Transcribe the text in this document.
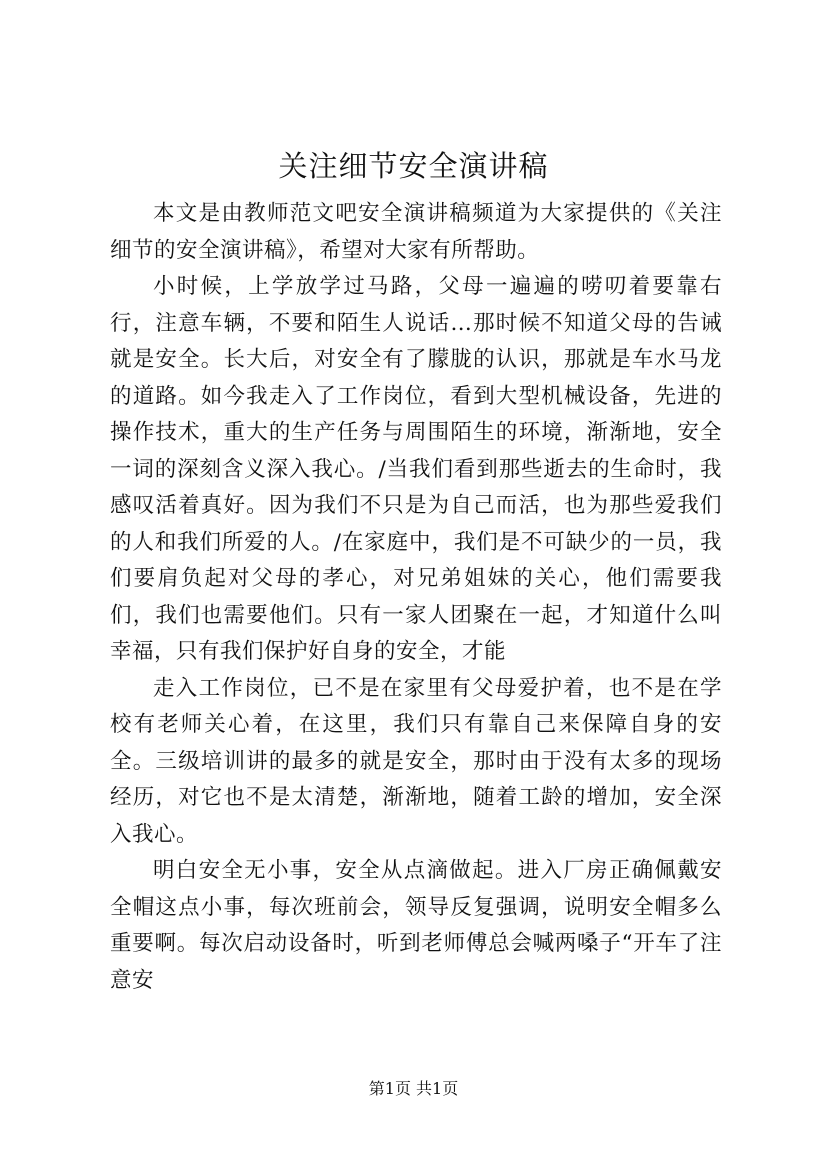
关注细节安全演讲稿

本文是由教师范文吧安全演讲稿频道为大家提供的《关注细节的安全演讲稿》，希望对大家有所帮助。

小时候，上学放学过马路，父母一遍遍的唠叨着要靠右行，注意车辆，不要和陌生人说话…那时候不知道父母的告诫就是安全。长大后，对安全有了朦胧的认识，那就是车水马龙的道路。如今我走入了工作岗位，看到大型机械设备，先进的操作技术，重大的生产任务与周围陌生的环境，渐渐地，安全一词的深刻含义深入我心。/当我们看到那些逝去的生命时，我感叹活着真好。因为我们不只是为自己而活，也为那些爱我们的人和我们所爱的人。/在家庭中，我们是不可缺少的一员，我们要肩负起对父母的孝心，对兄弟姐妹的关心，他们需要我们，我们也需要他们。只有一家人团聚在一起，才知道什么叫幸福，只有我们保护好自身的安全，才能

走入工作岗位，已不是在家里有父母爱护着，也不是在学校有老师关心着，在这里，我们只有靠自己来保障自身的安全。三级培训讲的最多的就是安全，那时由于没有太多的现场经历，对它也不是太清楚，渐渐地，随着工龄的增加，安全深入我心。

明白安全无小事，安全从点滴做起。进入厂房正确佩戴安全帽这点小事，每次班前会，领导反复强调，说明安全帽多么重要啊。每次启动设备时，听到老师傅总会喊两嗓子“开车了注意安

第1页 共1页
